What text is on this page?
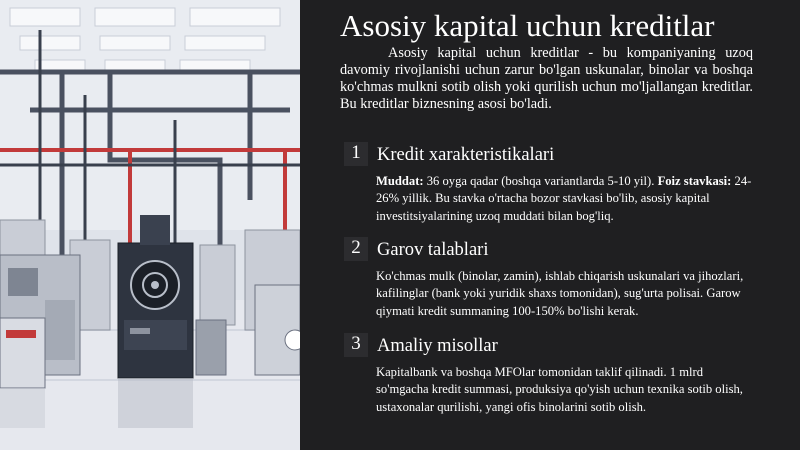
Asosiy kapital uchun kreditlar

Asosiy kapital uchun kreditlar - bu kompaniyaning uzoq davomiy rivojlanishi uchun zarur bo'lgan uskunalar, binolar va boshqa ko'chmas mulkni sotib olish yoki qurilish uchun mo'ljallangan kreditlar. Bu kreditlar biznesning asosi bo'ladi.

1 Kredit xarakteristikalari

Muddat: 36 oyga qadar (boshqa variantlarda 5-10 yil). Foiz stavkasi: 24-26% yillik. Bu stavka o'rtacha bozor stavkasi bo'lib, asosiy kapital investitsiyalarining uzoq muddati bilan bog'liq.

2 Garov talablari

Ko'chmas mulk (binolar, zamin), ishlab chiqarish uskunalari va jihozlari, kafilinglar (bank yoki yuridik shaxs tomonidan), sug'urta polisai. Garow qiymati kredit summaning 100-150% bo'lishi kerak.

3 Amaliy misollar

Kapitalbank va boshqa MFOlar tomonidan taklif qilinadi. 1 mlrd so'mgacha kredit summasi, produksiya qo'yish uchun texnika sotib olish, ustaxonalar qurilishi, yangi ofis binolarini sotib olish.
